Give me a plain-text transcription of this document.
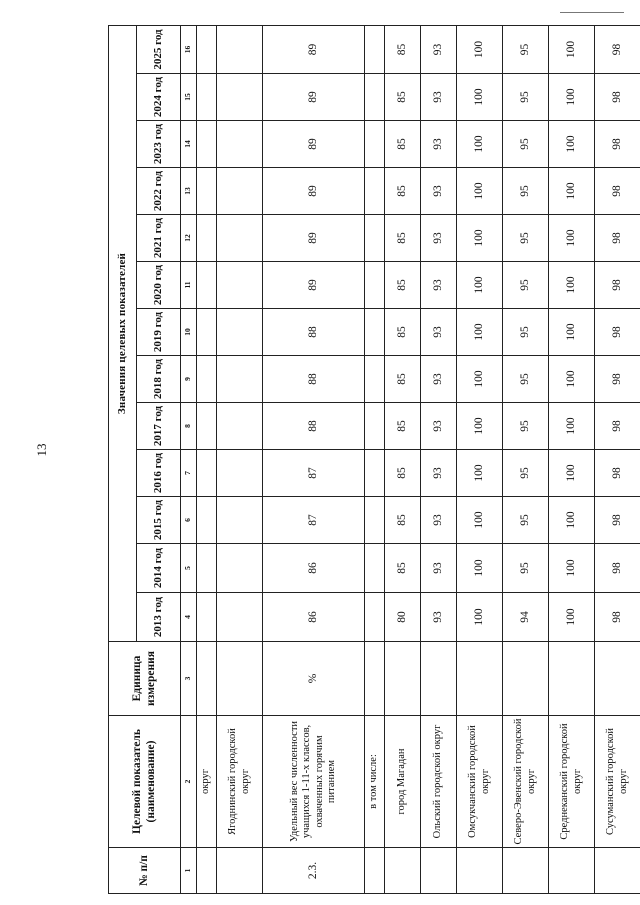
13
№ п/п	Целевой показатель (наименование)	Единица измерения	Значения целевых показателей												
			2013 год	2014 год	2015 год	2016 год	2017 год	2018 год	2019 год	2020 год	2021 год	2022 год	2023 год	2024 год	2025 год
1	2	3	4	5	6	7	8	9	10	11	12	13	14	15	16
	округ														
	Ягоднинский городской округ														
2.3.	Удельный вес численности учащихся 1-11-х классов, охваченных горячим питанием	%	86	86	87	87	88	88	88	89	89	89	89	89	89
	в том числе:														
	город Магадан		80	85	85	85	85	85	85	85	85	85	85	85	85
	Ольский городской округ		93	93	93	93	93	93	93	93	93	93	93	93	93
	Омсукчанский городской округ		100	100	100	100	100	100	100	100	100	100	100	100	100
	Северо-Эвенский городской округ		94	95	95	95	95	95	95	95	95	95	95	95	95
	Среднеканский городской округ		100	100	100	100	100	100	100	100	100	100	100	100	100
	Сусуманский городской округ		98	98	98	98	98	98	98	98	98	98	98	98	98
